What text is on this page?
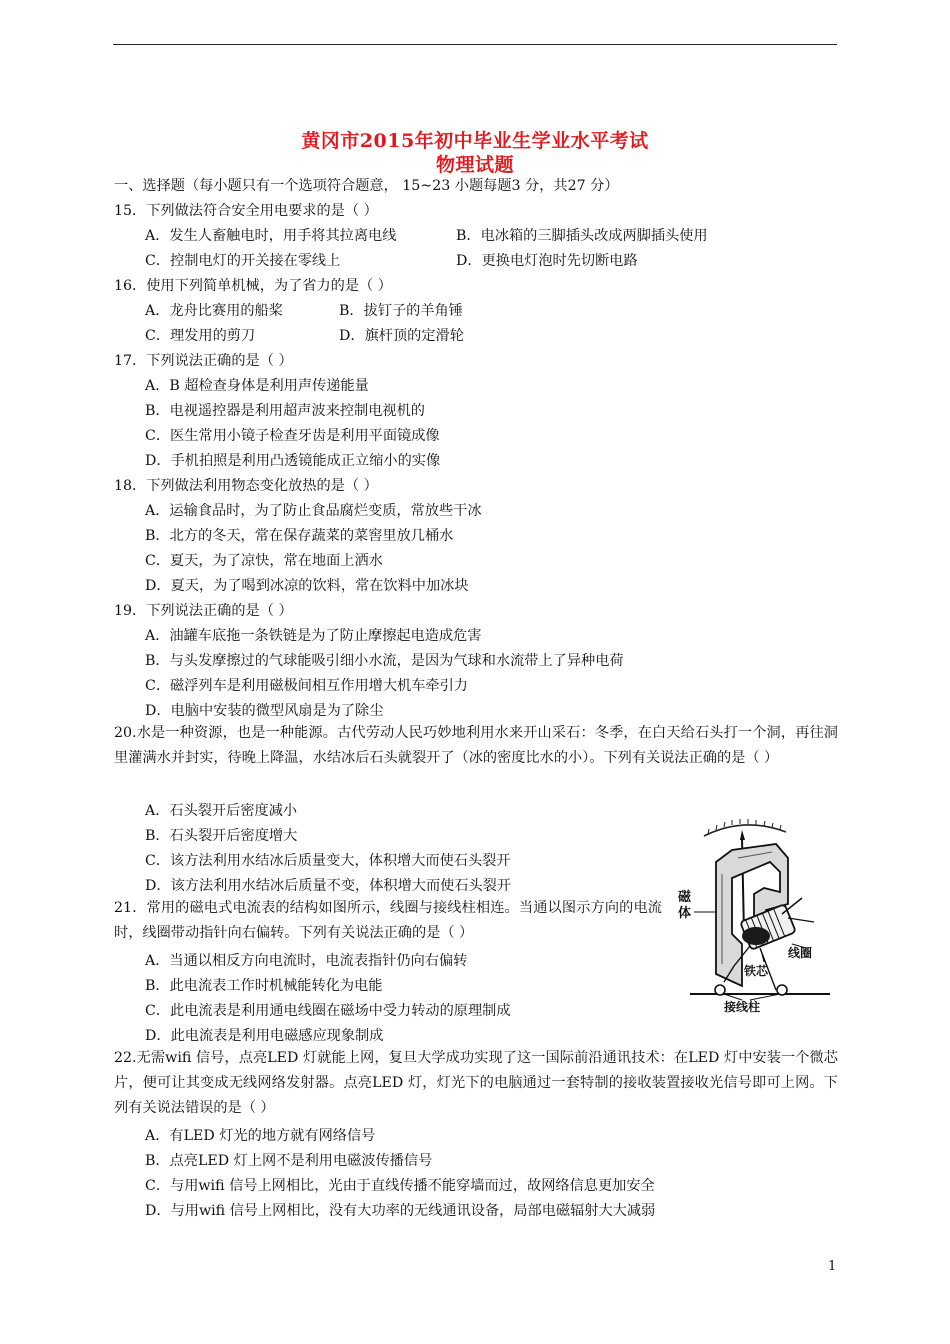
黄冈市2015年初中毕业生学业水平考试
物理试题
一、选择题（每小题只有一个选项符合题意， 15~23 小题每题3 分，共27 分）
15．下列做法符合安全用电要求的是（ ）
A．发生人畜触电时，用手将其拉离电线	B．电冰箱的三脚插头改成两脚插头使用
C．控制电灯的开关接在零线上	D．更换电灯泡时先切断电路
16．使用下列简单机械，为了省力的是（ ）
A．龙舟比赛用的船桨	B．拔钉子的羊角锤
C．理发用的剪刀	D．旗杆顶的定滑轮
17．下列说法正确的是（ ）
A．B 超检查身体是利用声传递能量
B．电视遥控器是利用超声波来控制电视机的
C．医生常用小镜子检查牙齿是利用平面镜成像
D．手机拍照是利用凸透镜能成正立缩小的实像
18．下列做法利用物态变化放热的是（ ）
A．运输食品时，为了防止食品腐烂变质，常放些干冰
B．北方的冬天，常在保存蔬菜的菜窖里放几桶水
C．夏天，为了凉快，常在地面上洒水
D．夏天，为了喝到冰凉的饮料，常在饮料中加冰块
19．下列说法正确的是（ ）
A．油罐车底拖一条铁链是为了防止摩擦起电造成危害
B．与头发摩擦过的气球能吸引细小水流，是因为气球和水流带上了异种电荷
C．磁浮列车是利用磁极间相互作用增大机车牵引力
D．电脑中安装的微型风扇是为了除尘
20.水是一种资源，也是一种能源。古代劳动人民巧妙地利用水来开山采石：冬季，在白天给石头打一个洞，再往洞里灌满水并封实，待晚上降温，水结冰后石头就裂开了（冰的密度比水的小）。下列有关说法正确的是（ ）
A．石头裂开后密度减小
B．石头裂开后密度增大
C．该方法利用水结冰后质量变大，体积增大而使石头裂开
D．该方法利用水结冰后质量不变，体积增大而使石头裂开
21．常用的磁电式电流表的结构如图所示，线圈与接线柱相连。当通以图示方向的电流时，线圈带动指针向右偏转。下列有关说法正确的是（ ）
A．当通以相反方向电流时，电流表指针仍向右偏转
B．此电流表工作时机械能转化为电能
C．此电流表是利用通电线圈在磁场中受力转动的原理制成
D．此电流表是利用电磁感应现象制成
磁
体
线圈
铁芯
接线柱
22.无需wifi 信号，点亮LED 灯就能上网，复旦大学成功实现了这一国际前沿通讯技术：在LED 灯中安装一个微芯片，便可让其变成无线网络发射器。点亮LED 灯，灯光下的电脑通过一套特制的接收装置接收光信号即可上网。下列有关说法错误的是（ ）
A．有LED 灯光的地方就有网络信号
B．点亮LED 灯上网不是利用电磁波传播信号
C．与用wifi 信号上网相比，光由于直线传播不能穿墙而过，故网络信息更加安全
D．与用wifi 信号上网相比，没有大功率的无线通讯设备，局部电磁辐射大大减弱
1
